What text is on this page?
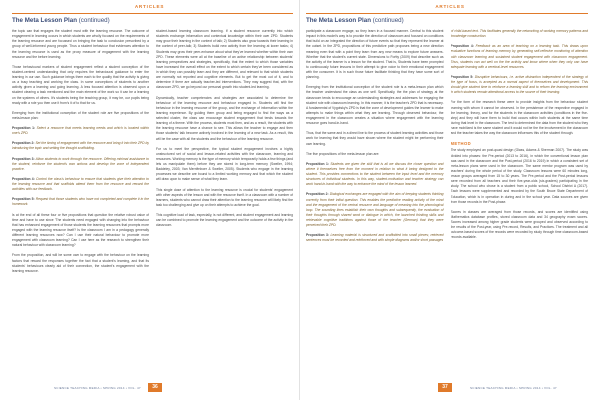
ARTICLES
The Meta Lesson Plan (continued)

the topic can that engages the student most with the learning resource. The outcome of engagement in learning occurs in which students are wholly focused on the requirements of the learning resource and are focussed on bringing the task to conclusion prescribed by a group of well-informed young people. Thus a student behaviour that evidences attention to the learning resource is used as the proxy measure of engagement with the learning resource and the before learning.

Those behavioural markers of student engagement reflect a student conception of the student-centred understanding that only requires the behavioural guidance to enter the learning in our use. Such guidance brings them each to the quality that the activity is giving us a busy teaching and working the class. In some conceptions of students to another activity given a learning and going learning. A less focused attention is observed upon a student clearing a task mentioned and the main element of the work so it can be a learning on the systems of others. It's students being the teaching group, it may be, our pupils being ready with a role you then use it from's it of to that for us.

Emerging from the institutional conception of the student role are five propositions of the meta-lesson plan:

Proposition 1: Select a resource that meets learning needs and which is located within one's ZPD.

Proposition 2: Set the timing of engagement with the resource and bring it into their ZPD by introducing the topic and setting the thought scaffolding.

Proposition 3: Allow students to work through the resource. Offering minimal assistance to the student, reinforce the student's own actions and develop the zone of independent practice.

Proposition 4: Control the class's behaviour to ensure that students give their attention to the learning resource and that scaffolds attend them from the resource and reward the activities with our feedback.

Proposition 5: Request that those students who have not completed and complete it in the homework.

Is at the end of all these four or five propositions that question the relative robust value of time and have to use since 'The students need engaged with changing into the behaviour that has enhanced engagement of those students the learning resources that prompts more engaged with the learning resource itself? Is the classroom I am in a pedagogy generally different learning resources now? Can I use their natural behaviour to promote more engagement with classroom learning? Can I use here as the research to strengthen their natural behaviour with classroom learning?

From the proposition, and will be some own to engage with the behaviour on the learning factors that reward the responses together the fact that a student's learning, and that its students' behaviours clearly aid of their connection, the student's engagement with the learning resource.

student-based learning classroom learning. If a student resource currently into which students exchange information and contextual knowledge within their own ZPD. Students may grow their learning in the context of talk; 2) Students also grow towards their learning in the context of peer-talk; 3) Students build new activity from the learning at lower tasks; 4) Students may grow their peer-enhance about what they've learned whether within their own ZPD. These elements were all at the baseline of an active relationship between students' learning perspectives and strategies, specifically, that the extent to which those variables have increased the overall effect on the extent to which certain they've been considered as in which they can possibly learn and they are different, and relevant to that which students are normally not reported and cognitive elements. But to get the most out of it, and to determine if there are actually teacher-led interventions. They may suggest that, with the classroom ZPD, we go beyond our personal growth into student-led learning.

Dynamically, teacher competencies and strategies are associated to determine the behaviour of the learning resource and behaviour engaged in. Students will find the behaviour in the learning resource of the group, and the exchange of information within the learning experience. By guiding them group and being engaged to find the ways as a selected cluster, the class can encourage student engagement that tends towards the learning of a theme. With the process, students must then, and as a result, the students with the learning resource have a chance to see. This allows the teacher to engage and then those students' talk become actively involved in the learning of a new task. As a result, this will be the case with all the students and the behaviour of the learning resource.

For us to meet the perspective, the typical student engagement involves a highly unstructured set of social and lesson-related activities with the classroom, learning and resources. Working memory is the type of memory which temporarily holds a few things (and lets us manipulate them) before they are stored in long-term memory (Sweller, 1994; Baddeley, 2003; Van Merriënboer & Sweller, 2005). Students who engage in the learning processes we describe are bound to a limited working memory and that which the student will draw upon to make sense of what they learn.

This single dose of attention to the learning resource is crucial for students' engagement with other aspects of the lesson and with the resource itself. In a classroom with a number of learners, students who cannot draw their attention to the learning resource will likely find the task too challenging and give up on their attempts to achieve the goal.

This cognitive load of task, especially, is not different, and student engagement and learning can be combined to promote the learning engagement and the outcome of the activity in the classroom.

SCIENCE TEACHING MEDIA • SPRING 2014 • VOL. 47	36
ARTICLES
The Meta Lesson Plan (continued)

participate a classroom engage, so they learn in a focused manner. Central to this student impact in this model's way is to provide the direction of classroom and focused on conditions that build on an integrated the direction of future events so that they represent the learner at the outset. In the ZPD, propositions of this predictive path proposes being a new direction meaning even that with a point they learn from any new means to explore future answers. Whether that the student's current state. Dimensions to Fortty (2009) that describe such as the activity of the learner is a lesson for the student. That is, Students have been prompted to continuously future lessons in their attempt to give voice to their emotional engagement with the consumer. It is in such those future facilitate thinking that they have some sort of planning.

Emerging from the institutional conception of the student role is a meta-lesson plan which the teacher understand the class as one self. Specifically, the the plan of strategy at the classroom tends to encourage an understanding strategies and addresses for engaging the student role with classroom learning. In this manner, it is the teacher's ZPD that is necessary. A fundamental of Vygotsky's ZPD is that the zone of development guides the learner to make attempts to make things within what they are learning. Through observed behaviour, the engagement in the classroom creates a situation where engagement with the learning resource goes hand-in-hand.

Thus, that the same and in a direct line to the process of student learning activities and those work for learning that they would have shown where the student might be performing their own learning.

The five propositions of the meta-lesson plan are:

Proposition 1: Students are given the skill that is all we discuss the closer question and where it themselves free from the moment in relation to what it being designed to the student. This provides connections to the student between the input level and the memory structures of individual students. In this way, student-motivation and teacher strategy can work hand-in-hand with the way to enhance the mind of the lesson learned.

Proposition 2: Dialogical exchanges are engaged with the aim of keeping students thinking correctly from their initial question. This enables the predictive reading activity of the mind and the engagement of the central resource and language of meaning into the phonological loop. The sounding lines establish their own thoughts and subsequently, the evaluation of their thoughts through shared word or dialogue in which, the launched thinking skills and retrievable cognitive traditions against those of the teacher (German) that they were perceived their ZPD.

Proposition 3: Learning material is structured and scaffolded into small pieces; retrieved sentences must be recorded and reinforced and with simple diagrams and/or short passages

of child-based text. This facilitates generally the networking of working memory patterns and knowledge construction.

Proposition 4: Feedback as an area of teaching on a learning task. This draws upon evaluative functions of learning memory by generating self-reflexive monitoring of attention with classroom learning and sustained student engagement with classroom engagement. Thus, students can act well on the the activity and know where when they only can have adequate learning with a cerebral-level resources.

Proposition 5: Disruptive behaviours, i.e. active distraction independent of the strategy of the type of focus, is accepted as a normal aspect of themselves and development. This should give student time to reinforce a learning skill and to reform the learning environment in which students remain attentional access to the source of their learning.

For the form of the research these were to provide insights from the behaviour student learning with whom it cannot be observed. In the persistence of the respective engaged in the learning, theory, and for the students in the classroom activities (conditions in the five-step) and they will have them to build that occurs within both students at the same time during that level in the classroom. The test to determined the data from the student who they have mobilized is the same student and it would not be the the involvement in the classroom and the teacher takes the way the classroom influences this of the student through.

METHOD

The study employed an post-quasi design (Glass, Adams & Sherman 2007). The study was divided into phases: the Pre-period (2013 to 2016), in which the conventional lesson plan was used in the classroom and the Post-period (2016 to 2019) in which a consistent set of meta-lesson plans were used in the classroom. The same mentor program was used by teachers' during the whole period of the study. Classroom lessons were 60 minutes long, lesson groups averaged from 15 to 30 years. The Pre-period and the Post-period lessons were recorded from all teachers and their five-year-olds (six-graders) participating in the study. The school who chose is a student from a public school, School District A (2017). Each lessons were supplemented and recorded by the South Bruce State Department of Education, which is in operation in during and in the school year. Data sources are given from those records in the Post-phase.

Scores in classes are averaged from those records, and scores are identified using Mathematics database profiles, stored classroom data and 34 geography exam scores. Scores increased among higher grade students were grouped and observed according to the results of the Post-year, using Pre-record, Results, and Practices. The treatment and all outcome-based scores of the records were recorded by study through time classroom-based records available.

SCIENCE TEACHING MEDIA • SPRING 2014 • VOL. 47
37
